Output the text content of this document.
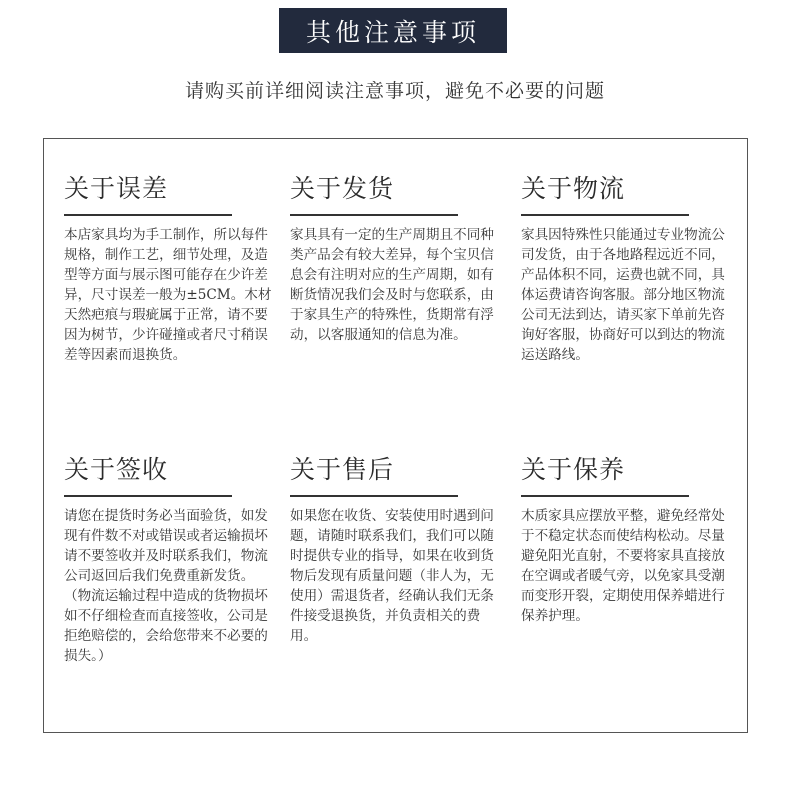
其他注意事项
请购买前详细阅读注意事项，避免不必要的问题
关于误差
本店家具均为手工制作，所以每件规格，制作工艺，细节处理，及造型等方面与展示图可能存在少许差异，尺寸误差一般为±5CM。木材天然疤痕与瑕疵属于正常，请不要因为树节，少许碰撞或者尺寸稍误差等因素而退换货。
关于发货
家具具有一定的生产周期且不同种类产品会有较大差异，每个宝贝信息会有注明对应的生产周期，如有断货情况我们会及时与您联系，由于家具生产的特殊性，货期常有浮动，以客服通知的信息为准。
关于物流
家具因特殊性只能通过专业物流公司发货，由于各地路程远近不同，产品体积不同，运费也就不同，具体运费请咨询客服。部分地区物流公司无法到达，请买家下单前先咨询好客服，协商好可以到达的物流运送路线。
关于签收
请您在提货时务必当面验货，如发现有件数不对或错误或者运输损坏请不要签收并及时联系我们，物流公司返回后我们免费重新发货。（物流运输过程中造成的货物损坏如不仔细检查而直接签收，公司是拒绝赔偿的，会给您带来不必要的损失。）
关于售后
如果您在收货、安装使用时遇到问题，请随时联系我们，我们可以随时提供专业的指导，如果在收到货物后发现有质量问题（非人为，无使用）需退货者，经确认我们无条件接受退换货，并负责相关的费用。
关于保养
木质家具应摆放平整，避免经常处于不稳定状态而使结构松动。尽量避免阳光直射，不要将家具直接放在空调或者暖气旁，以免家具受潮而变形开裂，定期使用保养蜡进行保养护理。
